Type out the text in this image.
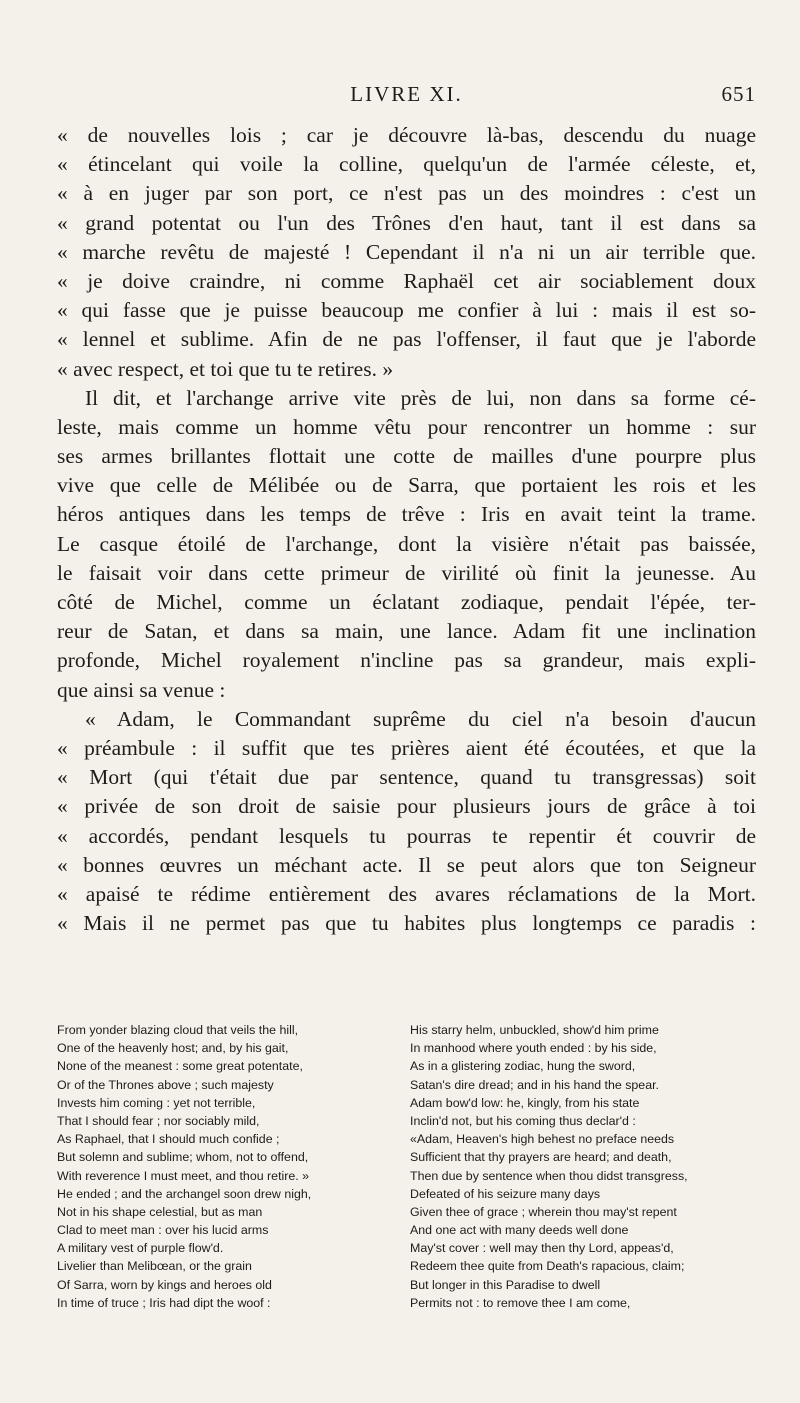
LIVRE XI.	651
« de nouvelles lois ; car je découvre là-bas, descendu du nuage
« étincelant qui voile la colline, quelqu'un de l'armée céleste, et,
« à en juger par son port, ce n'est pas un des moindres : c'est un
« grand potentat ou l'un des Trônes d'en haut, tant il est dans sa
« marche revêtu de majesté ! Cependant il n'a ni un air terrible que.
« je doive craindre, ni comme Raphaël cet air sociablement doux
« qui fasse que je puisse beaucoup me confier à lui : mais il est so-
« lennel et sublime. Afin de ne pas l'offenser, il faut que je l'aborde
« avec respect, et toi que tu te retires. »
Il dit, et l'archange arrive vite près de lui, non dans sa forme cé-
leste, mais comme un homme vêtu pour rencontrer un homme : sur
ses armes brillantes flottait une cotte de mailles d'une pourpre plus
vive que celle de Mélibée ou de Sarra, que portaient les rois et les
héros antiques dans les temps de trêve : Iris en avait teint la trame.
Le casque étoilé de l'archange, dont la visière n'était pas baissée,
le faisait voir dans cette primeur de virilité où finit la jeunesse. Au
côté de Michel, comme un éclatant zodiaque, pendait l'épée, ter-
reur de Satan, et dans sa main, une lance. Adam fit une inclination
profonde, Michel royalement n'incline pas sa grandeur, mais expli-
que ainsi sa venue :
« Adam, le Commandant suprême du ciel n'a besoin d'aucun
« préambule : il suffit que tes prières aient été écoutées, et que la
« Mort (qui t'était due par sentence, quand tu transgressas) soit
« privée de son droit de saisie pour plusieurs jours de grâce à toi
« accordés, pendant lesquels tu pourras te repentir ét couvrir de
« bonnes œuvres un méchant acte. Il se peut alors que ton Seigneur
« apaisé te rédime entièrement des avares réclamations de la Mort.
« Mais il ne permet pas que tu habites plus longtemps ce paradis :
From yonder blazing cloud that veils the hill,
One of the heavenly host; and, by his gait,
None of the meanest : some great potentate,
Or of the Thrones above ; such majesty
Invests him coming : yet not terrible,
That I should fear ; nor sociably mild,
As Raphael, that I should much confide ;
But solemn and sublime; whom, not to offend,
With reverence I must meet, and thou retire. »
He ended ; and the archangel soon drew nigh,
Not in his shape celestial, but as man
Clad to meet man : over his lucid arms
A military vest of purple flow'd.
Livelier than Melibœan, or the grain
Of Sarra, worn by kings and heroes old
In time of truce ; Iris had dipt the woof :
His starry helm, unbuckled, show'd him prime
In manhood where youth ended : by his side,
As in a glistering zodiac, hung the sword,
Satan's dire dread; and in his hand the spear.
Adam bow'd low: he, kingly, from his state
Inclin'd not, but his coming thus declar'd :
«Adam, Heaven's high behest no preface needs
Sufficient that thy prayers are heard; and death,
Then due by sentence when thou didst transgress,
Defeated of his seizure many days
Given thee of grace ; wherein thou may'st repent
And one act with many deeds well done
May'st cover : well may then thy Lord, appeas'd,
Redeem thee quite from Death's rapacious, claim;
But longer in this Paradise to dwell
Permits not : to remove thee I am come,
